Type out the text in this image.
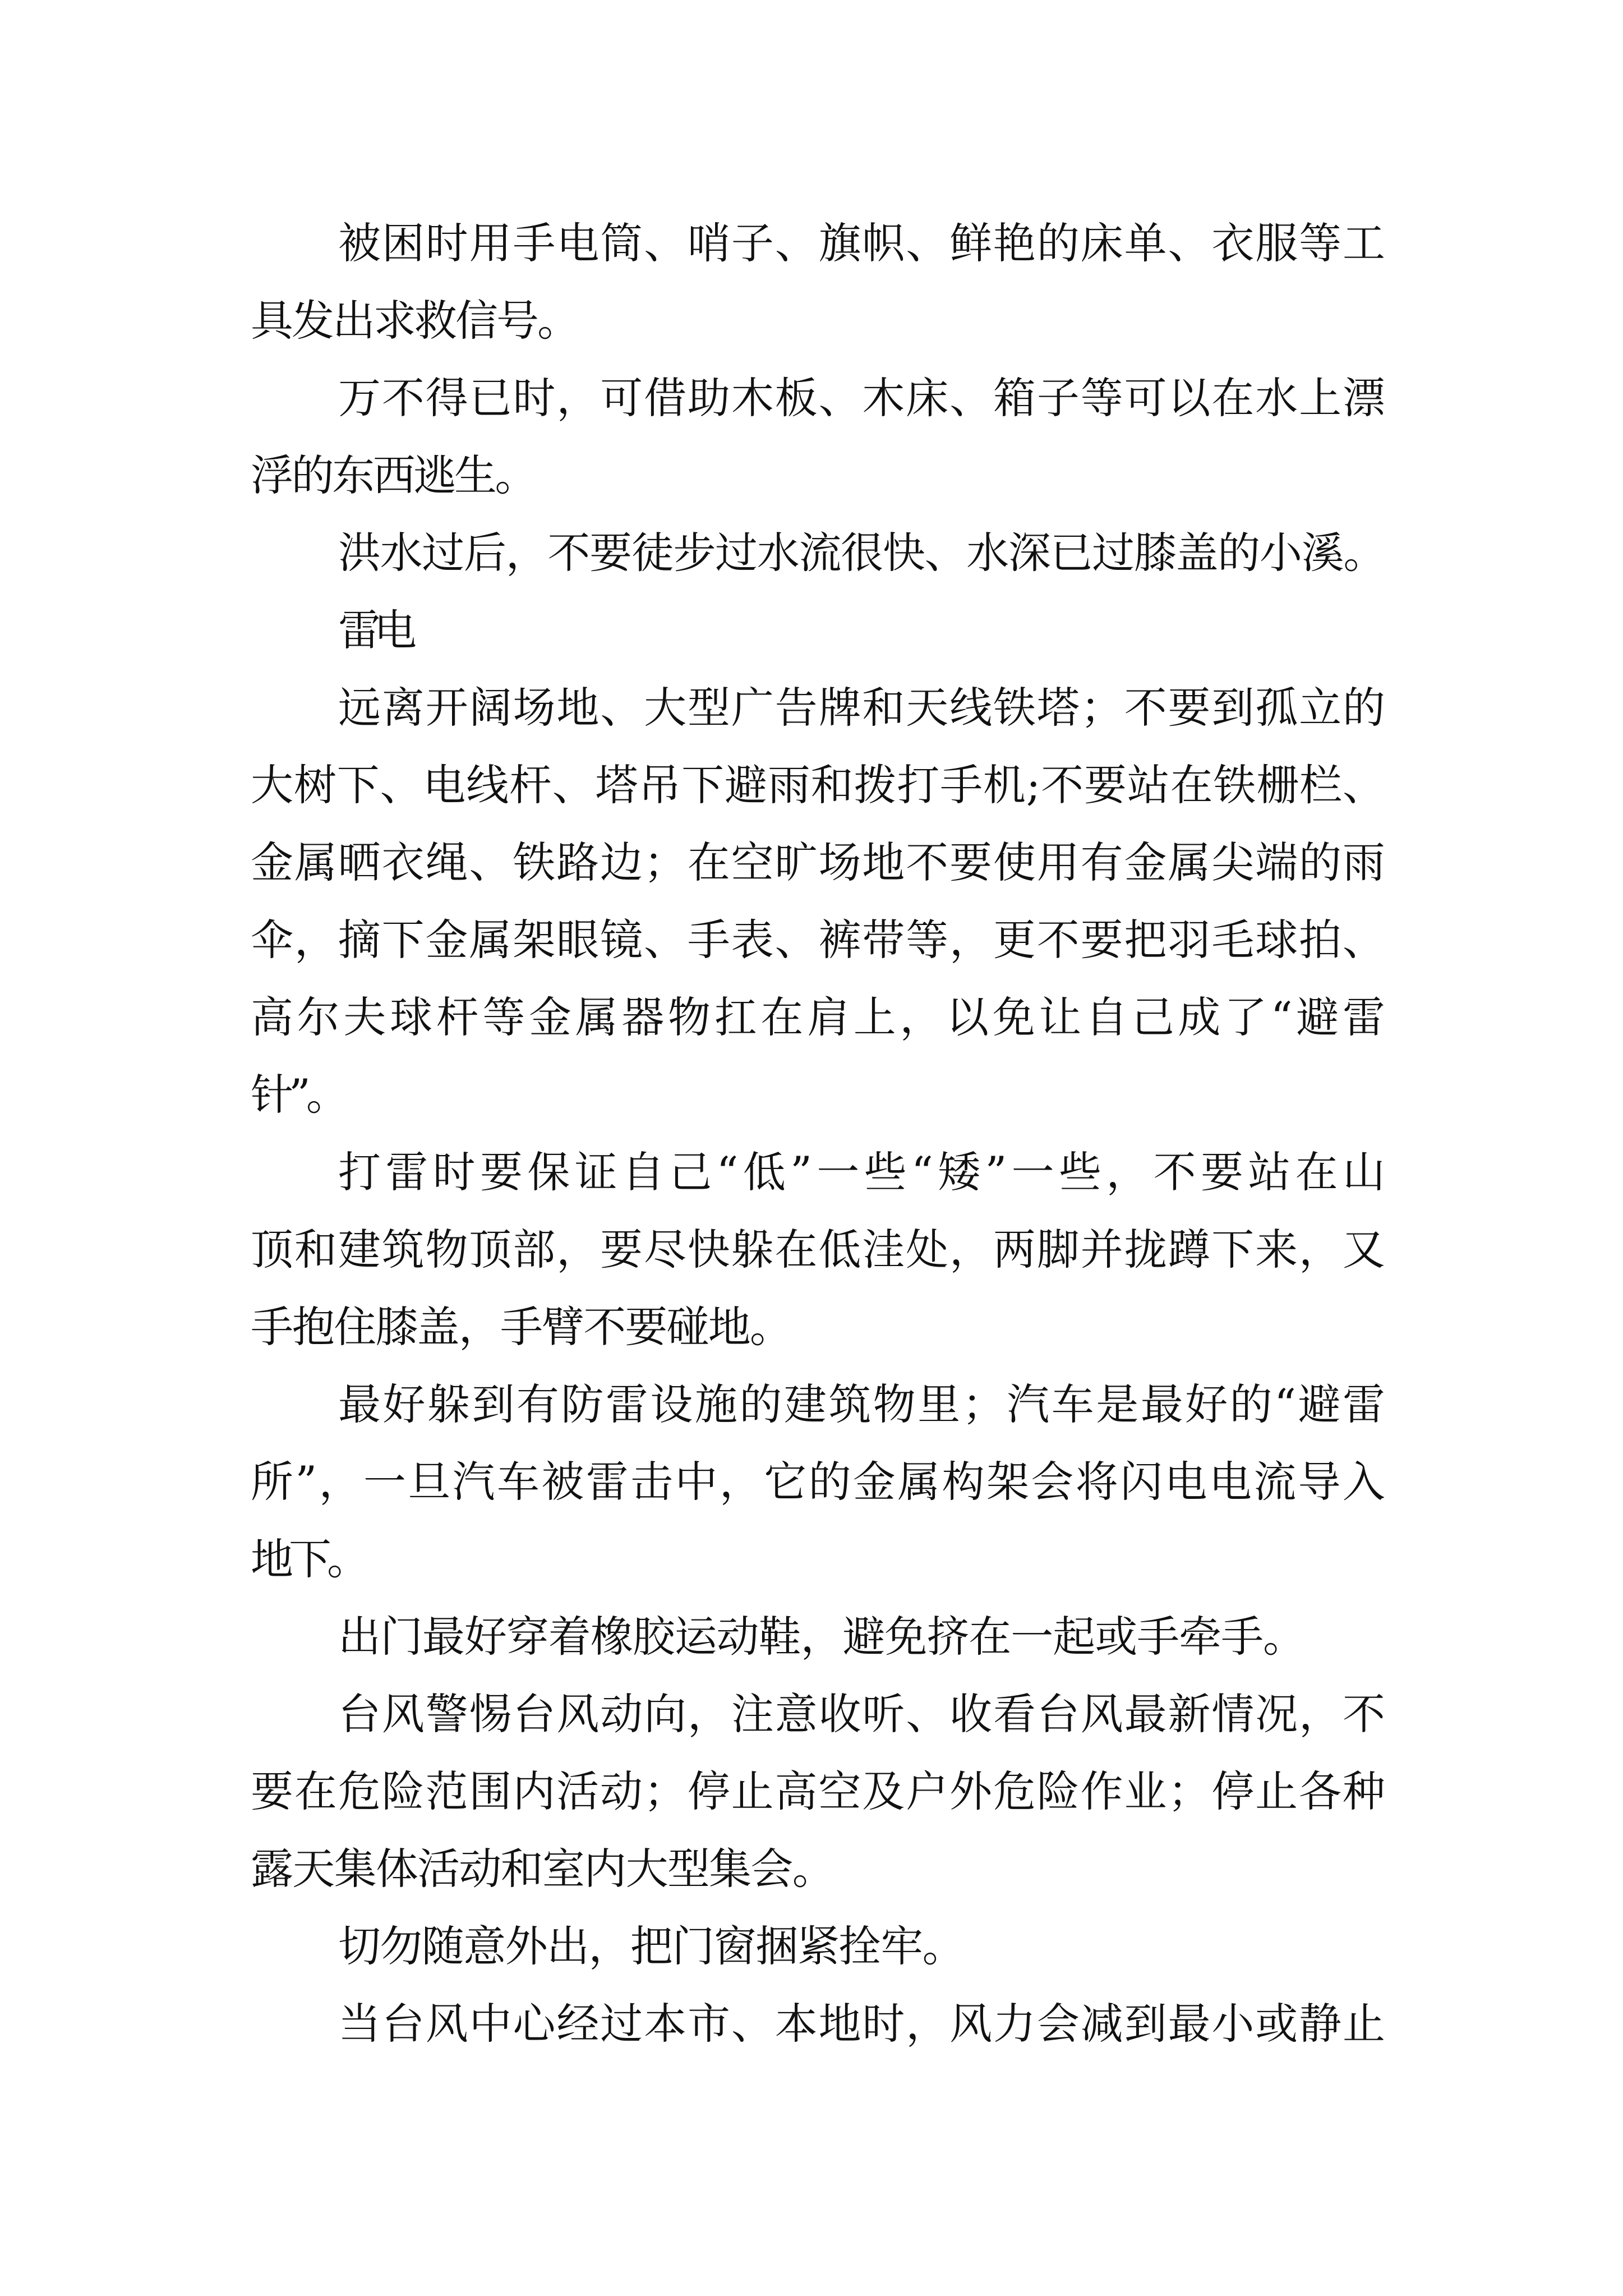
被困时用手电筒、哨子、旗帜、鲜艳的床单、衣服等工
具发出求救信号。
万不得已时，可借助木板、木床、箱子等可以在水上漂
浮的东西逃生。
洪水过后，不要徒步过水流很快、水深已过膝盖的小溪。
雷电
远离开阔场地、大型广告牌和天线铁塔；不要到孤立的
大树下、电线杆、塔吊下避雨和拨打手机;不要站在铁栅栏、
金属晒衣绳、铁路边；在空旷场地不要使用有金属尖端的雨
伞，摘下金属架眼镜、手表、裤带等，更不要把羽毛球拍、
高尔夫球杆等金属器物扛在肩上，以免让自己成了“避雷
针”。
打雷时要保证自己“低”一些“矮”一些，不要站在山
顶和建筑物顶部，要尽快躲在低洼处，两脚并拢蹲下来，又
手抱住膝盖，手臂不要碰地。
最好躲到有防雷设施的建筑物里；汽车是最好的“避雷
所”，一旦汽车被雷击中，它的金属构架会将闪电电流导入
地下。
出门最好穿着橡胶运动鞋，避免挤在一起或手牵手。
台风警惕台风动向，注意收听、收看台风最新情况，不
要在危险范围内活动；停止高空及户外危险作业；停止各种
露天集体活动和室内大型集会。
切勿随意外出，把门窗捆紧拴牢。
当台风中心经过本市、本地时，风力会减到最小或静止
